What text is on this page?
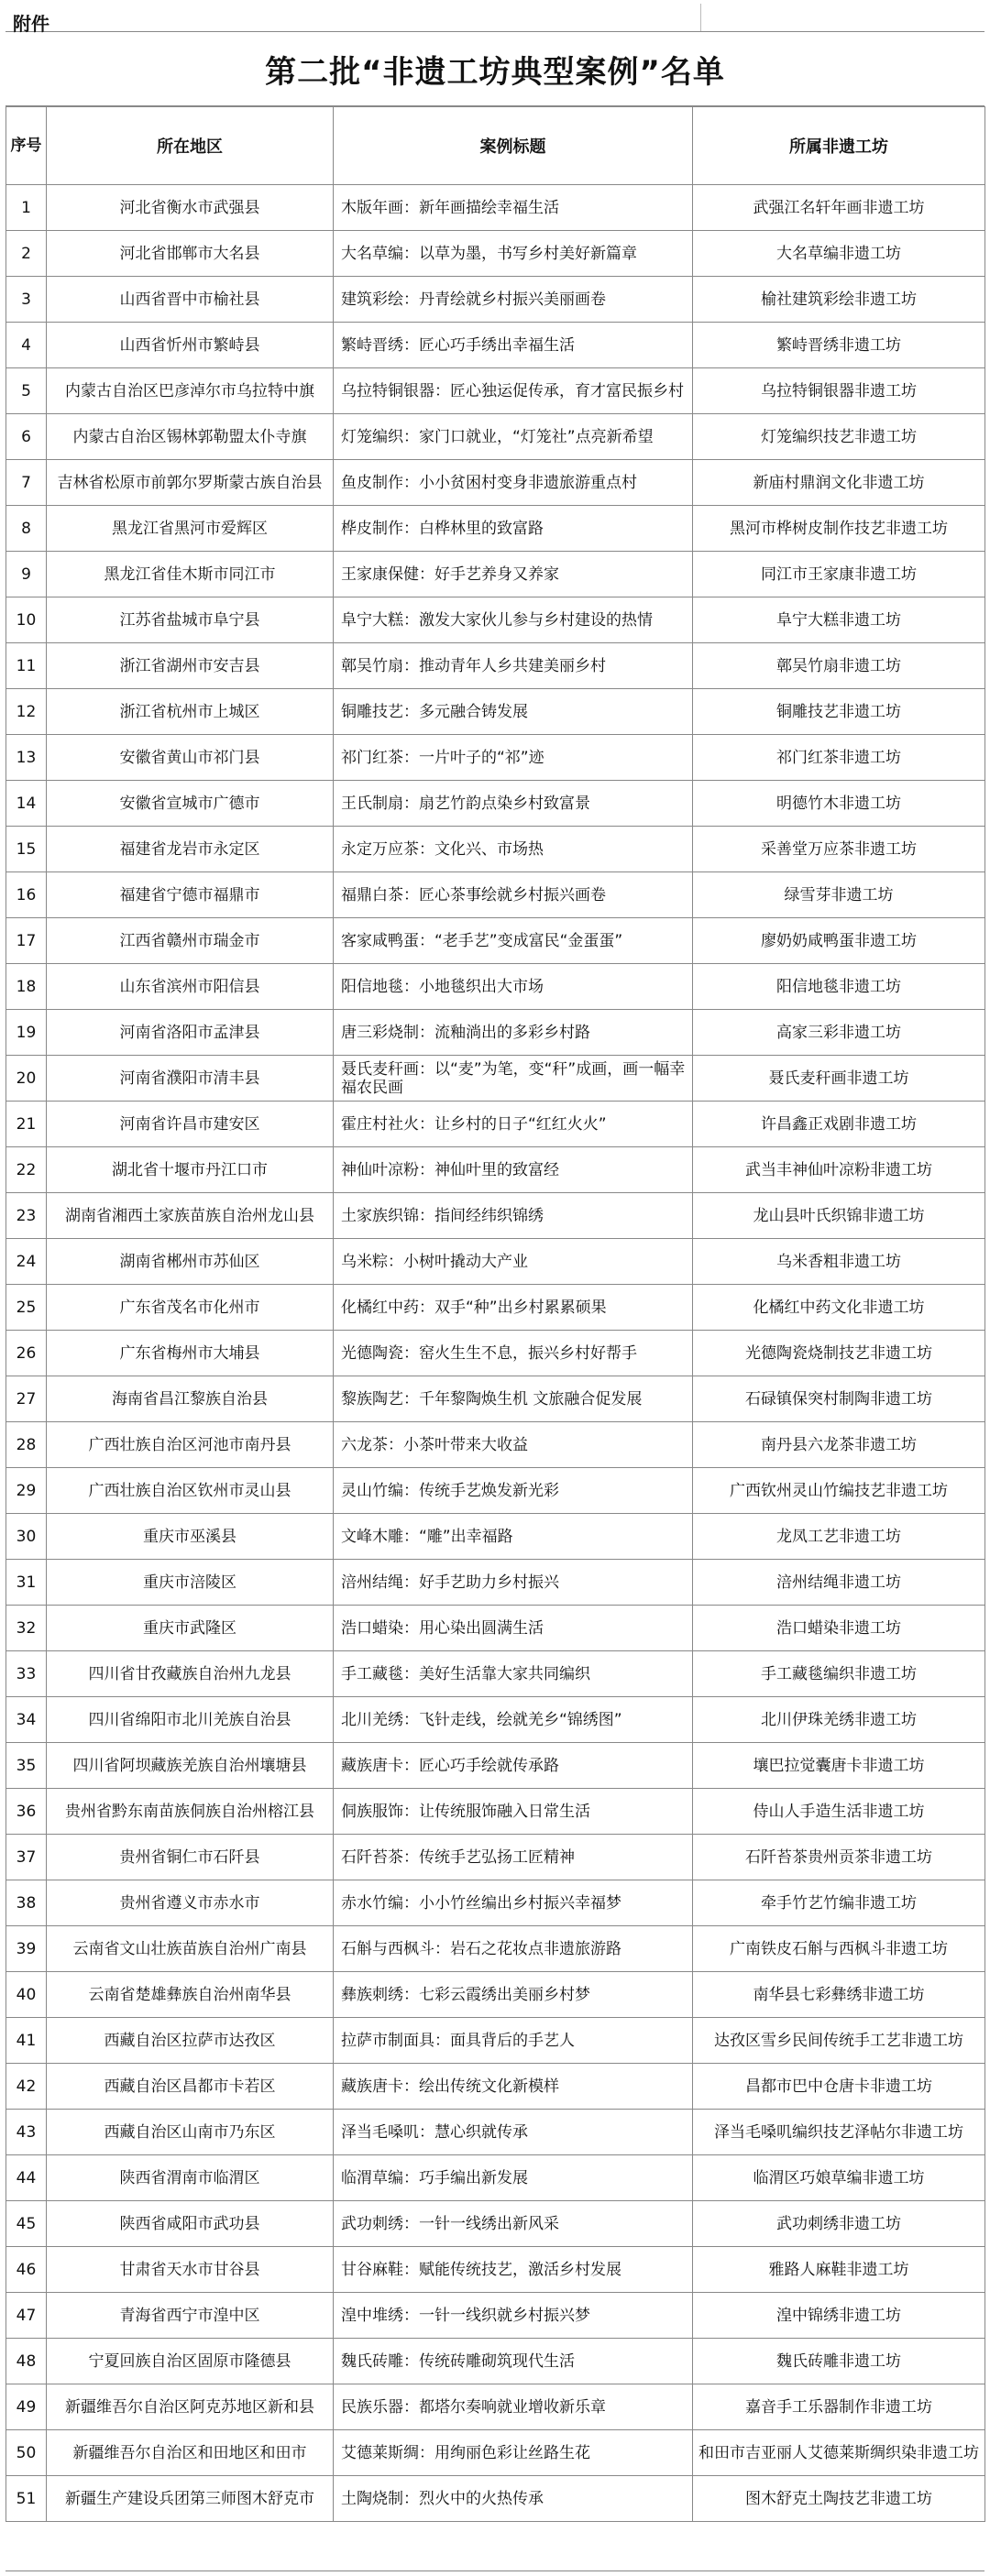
附件
第二批“非遗工坊典型案例”名单
序号	所在地区	案例标题	所属非遗工坊
1	河北省衡水市武强县	木版年画：新年画描绘幸福生活	武强江名轩年画非遗工坊
2	河北省邯郸市大名县	大名草编：以草为墨，书写乡村美好新篇章	大名草编非遗工坊
3	山西省晋中市榆社县	建筑彩绘：丹青绘就乡村振兴美丽画卷	榆社建筑彩绘非遗工坊
4	山西省忻州市繁峙县	繁峙晋绣：匠心巧手绣出幸福生活	繁峙晋绣非遗工坊
5	内蒙古自治区巴彦淖尔市乌拉特中旗	乌拉特铜银器：匠心独运促传承，育才富民振乡村	乌拉特铜银器非遗工坊
6	内蒙古自治区锡林郭勒盟太仆寺旗	灯笼编织：家门口就业，“灯笼社”点亮新希望	灯笼编织技艺非遗工坊
7	吉林省松原市前郭尔罗斯蒙古族自治县	鱼皮制作：小小贫困村变身非遗旅游重点村	新庙村鼎润文化非遗工坊
8	黑龙江省黑河市爱辉区	桦皮制作：白桦林里的致富路	黑河市桦树皮制作技艺非遗工坊
9	黑龙江省佳木斯市同江市	王家康保健：好手艺养身又养家	同江市王家康非遗工坊
10	江苏省盐城市阜宁县	阜宁大糕：激发大家伙儿参与乡村建设的热情	阜宁大糕非遗工坊
11	浙江省湖州市安吉县	鄣吴竹扇：推动青年人乡共建美丽乡村	鄣吴竹扇非遗工坊
12	浙江省杭州市上城区	铜雕技艺：多元融合铸发展	铜雕技艺非遗工坊
13	安徽省黄山市祁门县	祁门红茶：一片叶子的“祁”迹	祁门红茶非遗工坊
14	安徽省宣城市广德市	王氏制扇：扇艺竹韵点染乡村致富景	明德竹木非遗工坊
15	福建省龙岩市永定区	永定万应茶：文化兴、市场热	采善堂万应茶非遗工坊
16	福建省宁德市福鼎市	福鼎白茶：匠心茶事绘就乡村振兴画卷	绿雪芽非遗工坊
17	江西省赣州市瑞金市	客家咸鸭蛋：“老手艺”变成富民“金蛋蛋”	廖奶奶咸鸭蛋非遗工坊
18	山东省滨州市阳信县	阳信地毯：小地毯织出大市场	阳信地毯非遗工坊
19	河南省洛阳市孟津县	唐三彩烧制：流釉淌出的多彩乡村路	高家三彩非遗工坊
20	河南省濮阳市清丰县	聂氏麦秆画：以“麦”为笔，变“秆”成画，画一幅幸福农民画	聂氏麦秆画非遗工坊
21	河南省许昌市建安区	霍庄村社火：让乡村的日子“红红火火”	许昌鑫正戏剧非遗工坊
22	湖北省十堰市丹江口市	神仙叶凉粉：神仙叶里的致富经	武当丰神仙叶凉粉非遗工坊
23	湖南省湘西土家族苗族自治州龙山县	土家族织锦：指间经纬织锦绣	龙山县叶氏织锦非遗工坊
24	湖南省郴州市苏仙区	乌米粽：小树叶撬动大产业	乌米香粗非遗工坊
25	广东省茂名市化州市	化橘红中药：双手“种”出乡村累累硕果	化橘红中药文化非遗工坊
26	广东省梅州市大埔县	光德陶瓷：窑火生生不息，振兴乡村好帮手	光德陶瓷烧制技艺非遗工坊
27	海南省昌江黎族自治县	黎族陶艺：千年黎陶焕生机 文旅融合促发展	石碌镇保突村制陶非遗工坊
28	广西壮族自治区河池市南丹县	六龙茶：小茶叶带来大收益	南丹县六龙茶非遗工坊
29	广西壮族自治区钦州市灵山县	灵山竹编：传统手艺焕发新光彩	广西钦州灵山竹编技艺非遗工坊
30	重庆市巫溪县	文峰木雕：“雕”出幸福路	龙凤工艺非遗工坊
31	重庆市涪陵区	涪州结绳：好手艺助力乡村振兴	涪州结绳非遗工坊
32	重庆市武隆区	浩口蜡染：用心染出圆满生活	浩口蜡染非遗工坊
33	四川省甘孜藏族自治州九龙县	手工藏毯：美好生活靠大家共同编织	手工藏毯编织非遗工坊
34	四川省绵阳市北川羌族自治县	北川羌绣：飞针走线，绘就羌乡“锦绣图”	北川伊珠羌绣非遗工坊
35	四川省阿坝藏族羌族自治州壤塘县	藏族唐卡：匠心巧手绘就传承路	壤巴拉觉囊唐卡非遗工坊
36	贵州省黔东南苗族侗族自治州榕江县	侗族服饰：让传统服饰融入日常生活	侍山人手造生活非遗工坊
37	贵州省铜仁市石阡县	石阡苔茶：传统手艺弘扬工匠精神	石阡苔茶贵州贡茶非遗工坊
38	贵州省遵义市赤水市	赤水竹编：小小竹丝编出乡村振兴幸福梦	牵手竹艺竹编非遗工坊
39	云南省文山壮族苗族自治州广南县	石斛与西枫斗：岩石之花妆点非遗旅游路	广南铁皮石斛与西枫斗非遗工坊
40	云南省楚雄彝族自治州南华县	彝族刺绣：七彩云霞绣出美丽乡村梦	南华县七彩彝绣非遗工坊
41	西藏自治区拉萨市达孜区	拉萨市制面具：面具背后的手艺人	达孜区雪乡民间传统手工艺非遗工坊
42	西藏自治区昌都市卡若区	藏族唐卡：绘出传统文化新模样	昌都市巴中仓唐卡非遗工坊
43	西藏自治区山南市乃东区	泽当毛嗓叽：慧心织就传承	泽当毛嗓叽编织技艺泽帖尔非遗工坊
44	陕西省渭南市临渭区	临渭草编：巧手编出新发展	临渭区巧娘草编非遗工坊
45	陕西省咸阳市武功县	武功刺绣：一针一线绣出新风采	武功刺绣非遗工坊
46	甘肃省天水市甘谷县	甘谷麻鞋：赋能传统技艺，激活乡村发展	雅路人麻鞋非遗工坊
47	青海省西宁市湟中区	湟中堆绣：一针一线织就乡村振兴梦	湟中锦绣非遗工坊
48	宁夏回族自治区固原市隆德县	魏氏砖雕：传统砖雕砌筑现代生活	魏氏砖雕非遗工坊
49	新疆维吾尔自治区阿克苏地区新和县	民族乐器：都塔尔奏响就业增收新乐章	嘉音手工乐器制作非遗工坊
50	新疆维吾尔自治区和田地区和田市	艾德莱斯绸：用绚丽色彩让丝路生花	和田市吉亚丽人艾德莱斯绸织染非遗工坊
51	新疆生产建设兵团第三师图木舒克市	土陶烧制：烈火中的火热传承	图木舒克土陶技艺非遗工坊
